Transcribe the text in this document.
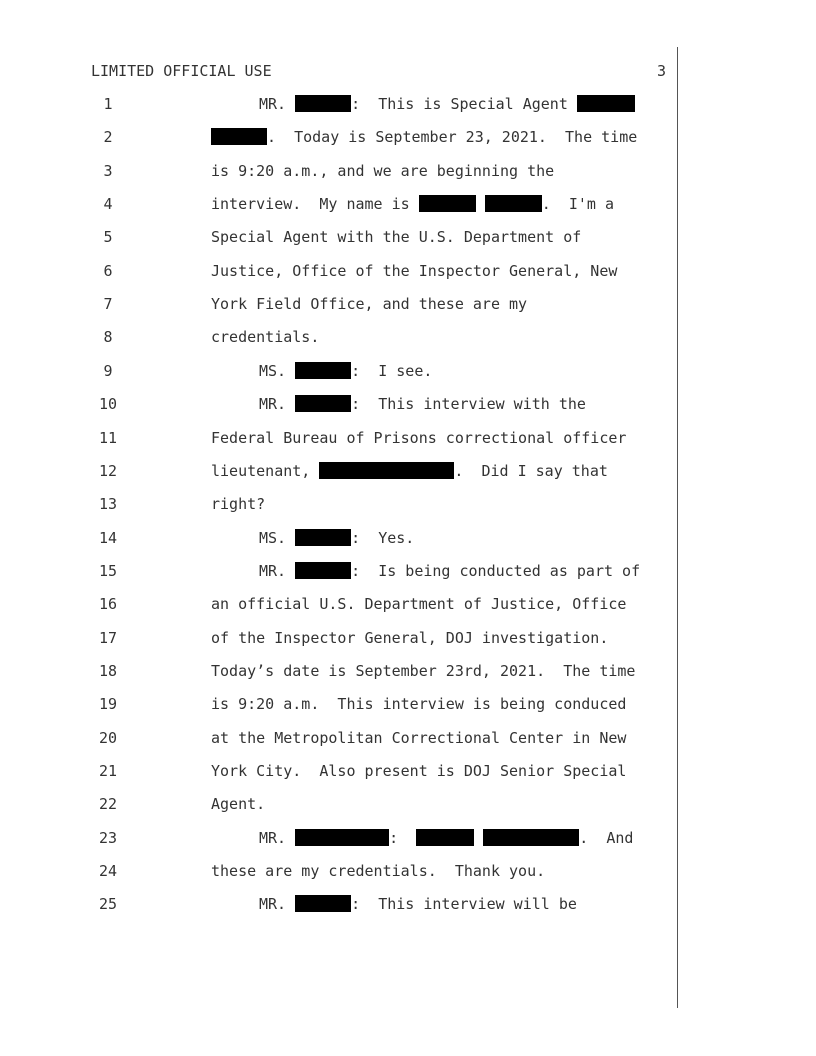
LIMITED OFFICIAL USE	3
1	MR.	:  This is Special Agent
2	.  Today is September 23, 2021.  The time
3	is 9:20 a.m., and we are beginning the
4	interview.  My name is	.  I'm a
5	Special Agent with the U.S. Department of
6	Justice, Office of the Inspector General, New
7	York Field Office, and these are my
8	credentials.
9	MS.	:  I see.
10	MR.	:  This interview with the
11	Federal Bureau of Prisons correctional officer
12	lieutenant,	.  Did I say that
13	right?
14	MS.	:  Yes.
15	MR.	:  Is being conducted as part of
16	an official U.S. Department of Justice, Office
17	of the Inspector General, DOJ investigation.
18	Today’s date is September 23rd, 2021.  The time
19	is 9:20 a.m.  This interview is being conduced
20	at the Metropolitan Correctional Center in New
21	York City.  Also present is DOJ Senior Special
22	Agent.
23	MR.	:	.  And
24	these are my credentials.  Thank you.
25	MR.	:  This interview will be
